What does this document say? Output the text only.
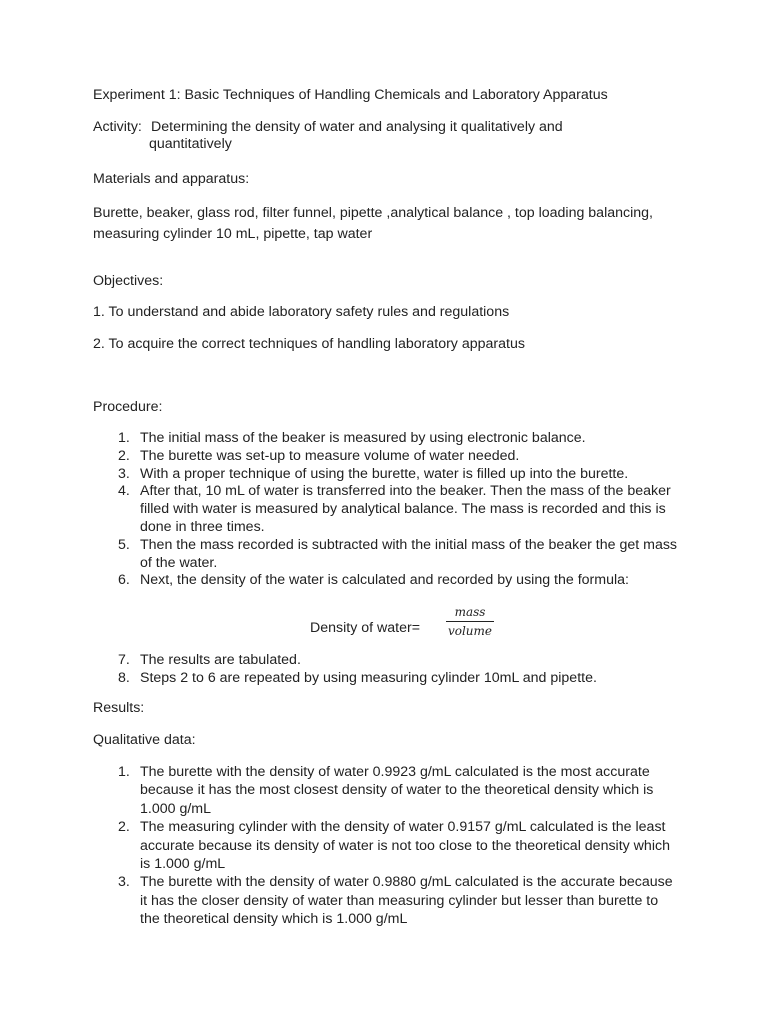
Experiment 1: Basic Techniques of Handling Chemicals and Laboratory Apparatus
Activity: Determining the density of water and analysing it qualitatively and
quantitatively
Materials and apparatus:
Burette, beaker, glass rod, filter funnel, pipette ,analytical balance , top loading balancing, measuring cylinder 10 mL, pipette, tap water
Objectives:
1. To understand and abide laboratory safety rules and regulations
2. To acquire the correct techniques of handling laboratory apparatus
Procedure:
1. The initial mass of the beaker is measured by using electronic balance.
2. The burette was set-up to measure volume of water needed.
3. With a proper technique of using the burette, water is filled up into the burette.
4. After that, 10 mL of water is transferred into the beaker. Then the mass of the beaker filled with water is measured by analytical balance. The mass is recorded and this is done in three times.
5. Then the mass recorded is subtracted with the initial mass of the beaker the get mass of the water.
6. Next, the density of the water is calculated and recorded by using the formula:
Density of water=
mass
volume
7. The results are tabulated.
8. Steps 2 to 6 are repeated by using measuring cylinder 10mL and pipette.
Results:
Qualitative data:
1. The burette with the density of water 0.9923 g/mL calculated is the most accurate because it has the most closest density of water to the theoretical density which is 1.000 g/mL
2. The measuring cylinder with the density of water 0.9157 g/mL calculated is the least accurate because its density of water is not too close to the theoretical density which is 1.000 g/mL
3. The burette with the density of water 0.9880 g/mL calculated is the accurate because it has the closer density of water than measuring cylinder but lesser than burette to the theoretical density which is 1.000 g/mL
